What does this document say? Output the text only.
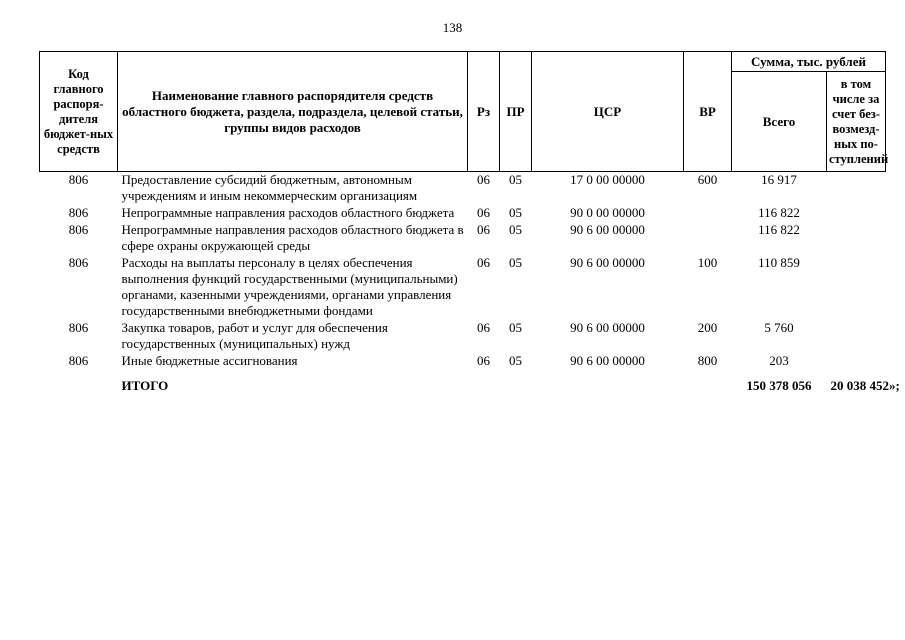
138
Код главного распоря-дителя бюджет-ных средств	Наименование главного распорядителя средств областного бюджета, раздела, подраздела, целевой статьи, группы видов расходов	Рз	ПР	ЦСР	ВР	Сумма, тыс. рублей	
						Всего	в том числе за счет без-возмезд-ных по-ступлений
806	Предоставление субсидий бюджетным, автономным учреждениям и иным некоммерческим организациям	06	05	17 0 00 00000	600	16 917	
806	Непрограммные направления расходов областного бюджета	06	05	90 0 00 00000		116 822	
806	Непрограммные направления расходов областного бюджета в сфере охраны окружающей среды	06	05	90 6 00 00000		116 822	
806	Расходы на выплаты персоналу в целях обеспечения выполнения функций государственными (муниципальными) органами, казенными учреждениями, органами управления государственными внебюджетными фондами	06	05	90 6 00 00000	100	110 859	
806	Закупка товаров, работ и услуг для обеспечения государственных (муниципальных) нужд	06	05	90 6 00 00000	200	5 760	
806	Иные бюджетные ассигнования	06	05	90 6 00 00000	800	203	
	ИТОГО					150 378 056	20 038 452»;
